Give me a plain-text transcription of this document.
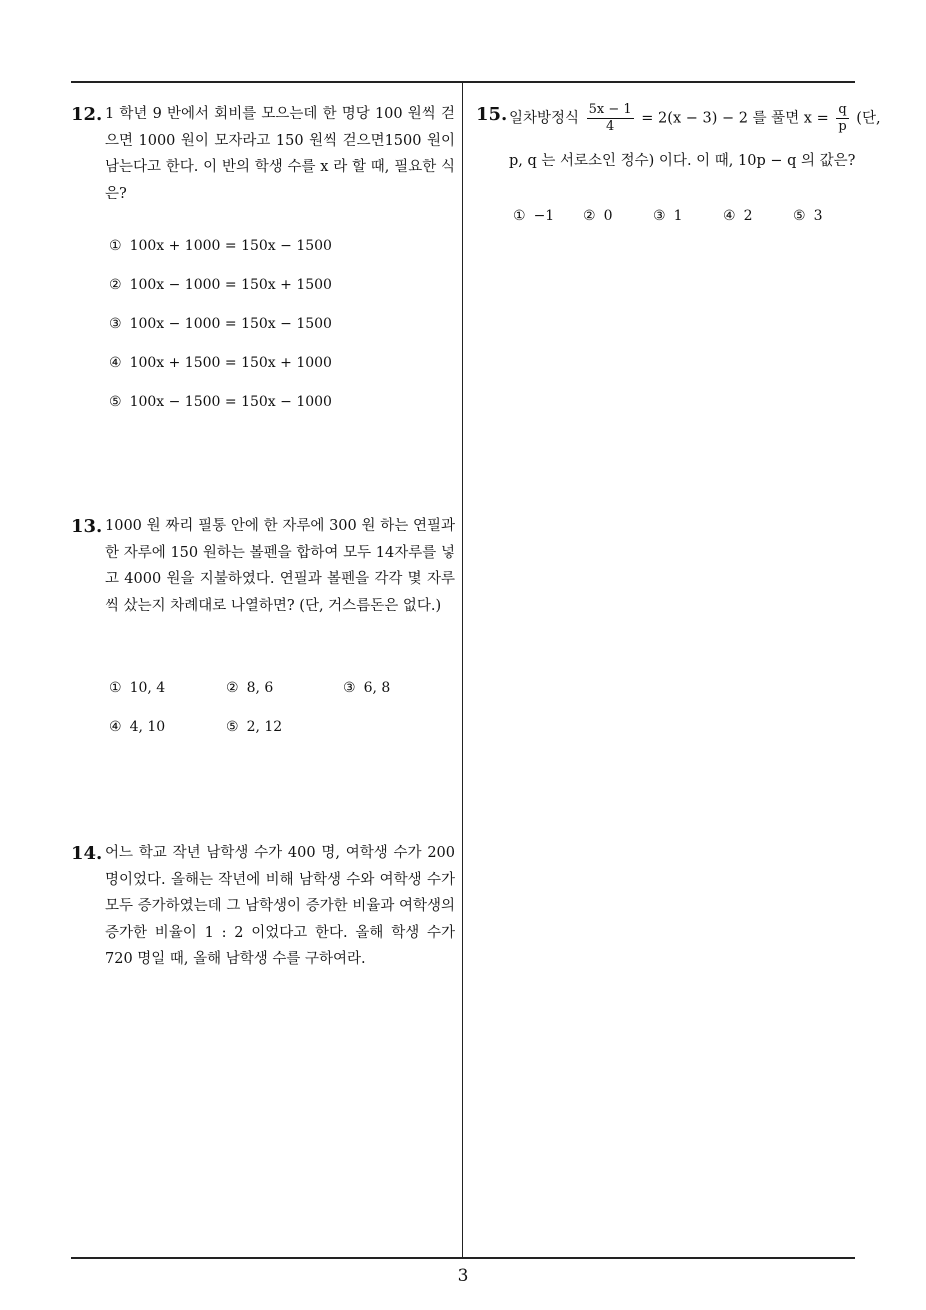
12. 1 학년 9 반에서 회비를 모으는데 한 명당 100 원씩 걷으면 1000 원이 모자라고 150 원씩 걷으면1500 원이 남는다고 한다. 이 반의 학생 수를 x 라 할 때, 필요한 식은?

① 100x + 1000 = 150x − 1500
② 100x − 1000 = 150x + 1500
③ 100x − 1000 = 150x − 1500
④ 100x + 1500 = 150x + 1000
⑤ 100x − 1500 = 150x − 1000
13. 1000 원 짜리 필통 안에 한 자루에 300 원 하는 연필과 한 자루에 150 원하는 볼펜을 합하여 모두 14자루를 넣고 4000 원을 지불하였다. 연필과 볼펜을 각각 몇 자루씩 샀는지 차례대로 나열하면? (단, 거스름돈은 없다.)

① 10, 4	② 8, 6	③ 6, 8
④ 4, 10	⑤ 2, 12
14. 어느 학교 작년 남학생 수가 400 명, 여학생 수가 200 명이었다. 올해는 작년에 비해 남학생 수와 여학생 수가 모두 증가하였는데 그 남학생이 증가한 비율과 여학생의 증가한 비율이 1 : 2 이었다고 한다. 올해 학생 수가 720 명일 때, 올해 남학생 수를 구하여라.

15. 일차방정식 $\frac{5x - 1}{4} = 2(x - 3) - 2$ 를 풀면 $x = \frac{q}{p}$ (단,
p, q 는 서로소인 정수) 이다. 이 때, 10p − q 의 값은?
① −1 ② 0	③ 1	④ 2	⑤ 3
3
